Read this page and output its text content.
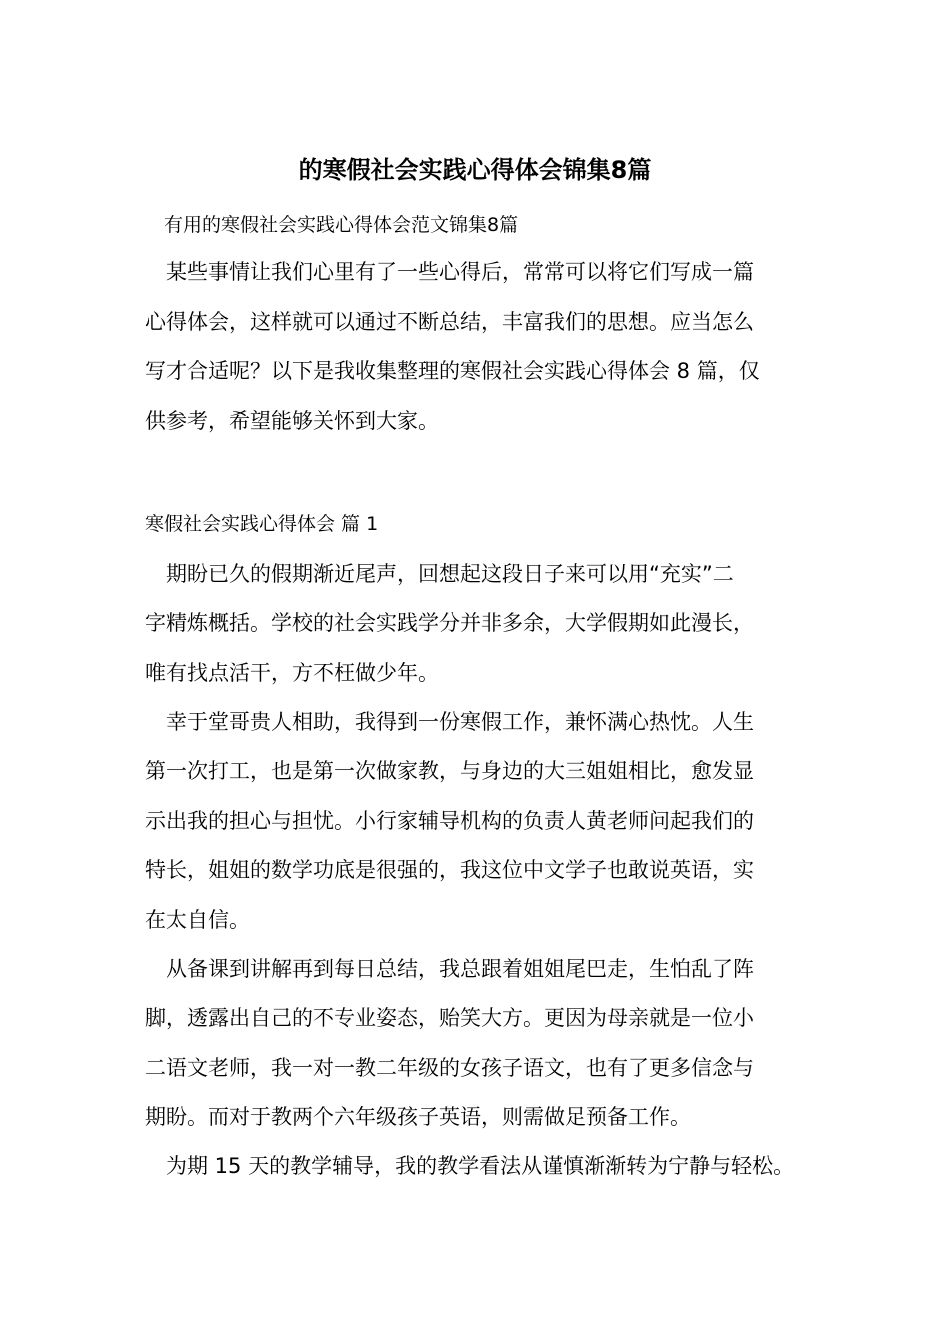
的寒假社会实践心得体会锦集8篇
有用的寒假社会实践心得体会范文锦集8篇
　某些事情让我们心里有了一些心得后，常常可以将它们写成一篇
心得体会，这样就可以通过不断总结，丰富我们的思想。应当怎么
写才合适呢？以下是我收集整理的寒假社会实践心得体会 8 篇，仅
供参考，希望能够关怀到大家。
寒假社会实践心得体会 篇 1
期盼已久的假期渐近尾声，回想起这段日子来可以用“充实”二
字精炼概括。学校的社会实践学分并非多余，大学假期如此漫长，
唯有找点活干，方不枉做少年。
幸于堂哥贵人相助，我得到一份寒假工作，兼怀满心热忱。人生
第一次打工，也是第一次做家教，与身边的大三姐姐相比，愈发显
示出我的担心与担忧。小行家辅导机构的负责人黄老师问起我们的
特长，姐姐的数学功底是很强的，我这位中文学子也敢说英语，实
在太自信。
从备课到讲解再到每日总结，我总跟着姐姐尾巴走，生怕乱了阵
脚，透露出自己的不专业姿态，贻笑大方。更因为母亲就是一位小
二语文老师，我一对一教二年级的女孩子语文，也有了更多信念与
期盼。而对于教两个六年级孩子英语，则需做足预备工作。
为期 15 天的教学辅导，我的教学看法从谨慎渐渐转为宁静与轻松。
